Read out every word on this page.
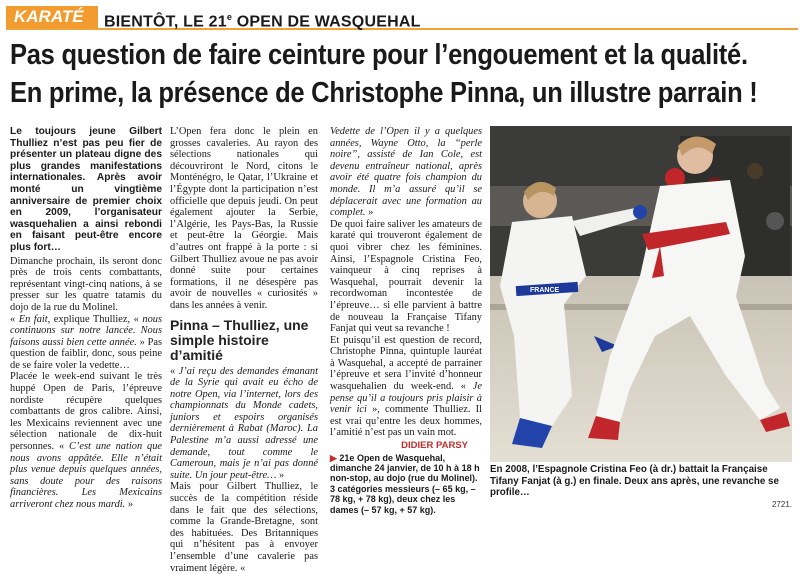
KARATÉ	BIENTÔT, LE 21e OPEN DE WASQUEHAL
Pas question de faire ceinture pour l’engouement et la qualité.
En prime, la présence de Christophe Pinna, un illustre parrain !

Le toujours jeune Gilbert Thulliez n’est pas peu fier de présenter un plateau digne des plus grandes manifestations internationales. Après avoir monté un vingtième anniversaire de premier choix en 2009, l’organisateur wasquehalien a ainsi rebondi en faisant peut-être encore plus fort…

Dimanche prochain, ils seront donc près de trois cents combattants, représentant vingt-cinq nations, à se presser sur les quatre tatamis du dojo de la rue du Molinel.

« En fait, explique Thulliez, « nous continuons sur notre lancée. Nous faisons aussi bien cette année. » Pas question de faiblir, donc, sous peine de se faire voler la vedette…

Placée le week-end suivant le très huppé Open de Paris, l’épreuve nordiste récupère quelques combattants de gros calibre. Ainsi, les Mexicains reviennent avec une sélection nationale de dix-huit personnes. « C’est une nation que nous avons appâtée. Elle n’était plus venue depuis quelques années, sans doute pour des raisons financières. Les Mexicains arriveront chez nous mardi. »

L’Open fera donc le plein en grosses cavaleries. Au rayon des sélections nationales qui découvriront le Nord, citons le Monténégro, le Qatar, l’Ukraine et l’Égypte dont la participation n’est officielle que depuis jeudi. On peut également ajouter la Serbie, l’Algérie, les Pays-Bas, la Russie et peut-être la Géorgie. Mais d’autres ont frappé à la porte : si Gilbert Thulliez avoue ne pas avoir donné suite pour certaines formations, il ne désespère pas avoir de nouvelles « curiosités » dans les années à venir.

Pinna – Thulliez, une simple histoire d’amitié

« J’ai reçu des demandes émanant de la Syrie qui avait eu écho de notre Open, via l’internet, lors des championnats du Monde cadets, juniors et espoirs organisés dernièrement à Rabat (Maroc). La Palestine m’a aussi adressé une demande, tout comme le Cameroun, mais je n’ai pas donné suite. Un jour peut-être… »

Mais pour Gilbert Thulliez, le succès de la compétition réside dans le fait que des sélections, comme la Grande-Bretagne, sont des habituées. Des Britanniques qui n’hésitent pas à envoyer l’ensemble d’une cavalerie pas vraiment légère. «

Vedette de l’Open il y a quelques années, Wayne Otto, la “perle noire”, assisté de Ian Cole, est devenu entraîneur national, après avoir été quatre fois champion du monde. Il m’a assuré qu’il se déplacerait avec une formation au complet. »

De quoi faire saliver les amateurs de karaté qui trouveront également de quoi vibrer chez les féminines. Ainsi, l’Espagnole Cristina Feo, vainqueur à cinq reprises à Wasquehal, pourrait devenir la recordwoman incontestée de l’épreuve… si elle parvient à battre de nouveau la Française Tifany Fanjat qui veut sa revanche !

Et puisqu’il est question de record, Christophe Pinna, quintuple lauréat à Wasquehal, a accepté de parrainer l’épreuve et sera l’invité d’honneur wasquehalien du week-end. « Je pense qu’il a toujours pris plaisir à venir ici », commente Thulliez. Il est vrai qu’entre les deux hommes, l’amitié n’est pas un vain mot.

DIDIER PARSY

▶ 21e Open de Wasquehal, dimanche 24 janvier, de 10 h à 18 h non-stop, au dojo (rue du Molinel). 3 catégories messieurs (– 65 kg, – 78 kg, + 78 kg), deux chez les dames (– 57 kg, + 57 kg).

FRANCE
En 2008, l’Espagnole Cristina Feo (à dr.) battait la Française Tifany Fanjat (à g.) en finale. Deux ans après, une revanche se profile…
2721.
